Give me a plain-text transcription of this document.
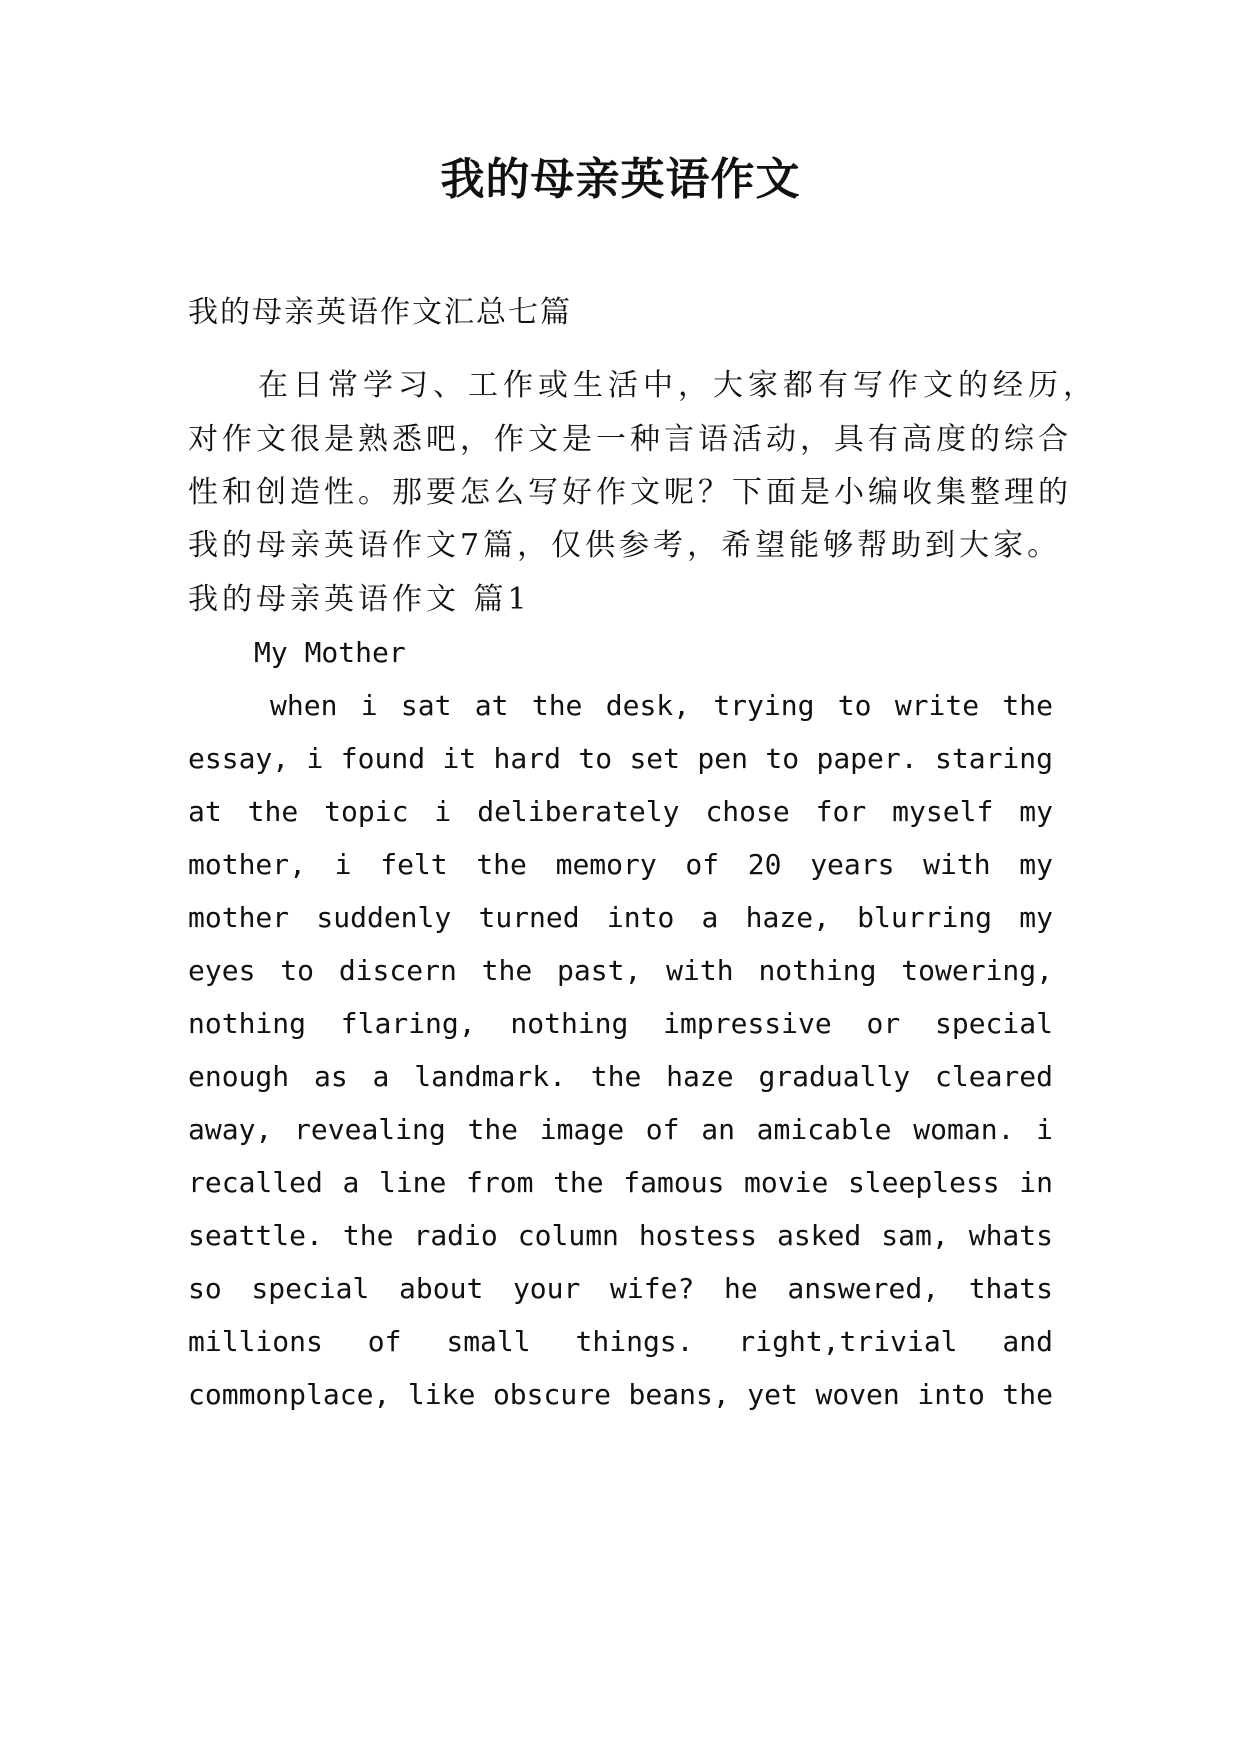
我的母亲英语作文
我的母亲英语作文汇总七篇
在日常学习、工作或生活中，大家都有写作文的经历，
对作文很是熟悉吧，作文是一种言语活动，具有高度的综合
性和创造性。那要怎么写好作文呢？下面是小编收集整理的
我的母亲英语作文7篇，仅供参考，希望能够帮助到大家。
我的母亲英语作文 篇1
My Mother
when i sat at the desk, trying to write the
essay, i found it hard to set pen to paper. staring
at the topic i deliberately chose for myself my
mother, i felt the memory of 20 years with my
mother suddenly turned into a haze, blurring my
eyes to discern the past, with nothing towering,
nothing flaring, nothing impressive or special
enough as a landmark. the haze gradually cleared
away, revealing the image of an amicable woman. i
recalled a line from the famous movie sleepless in
seattle. the radio column hostess asked sam, whats
so special about your wife? he answered, thats
millions of small things. right,trivial and
commonplace, like obscure beans, yet woven into the
